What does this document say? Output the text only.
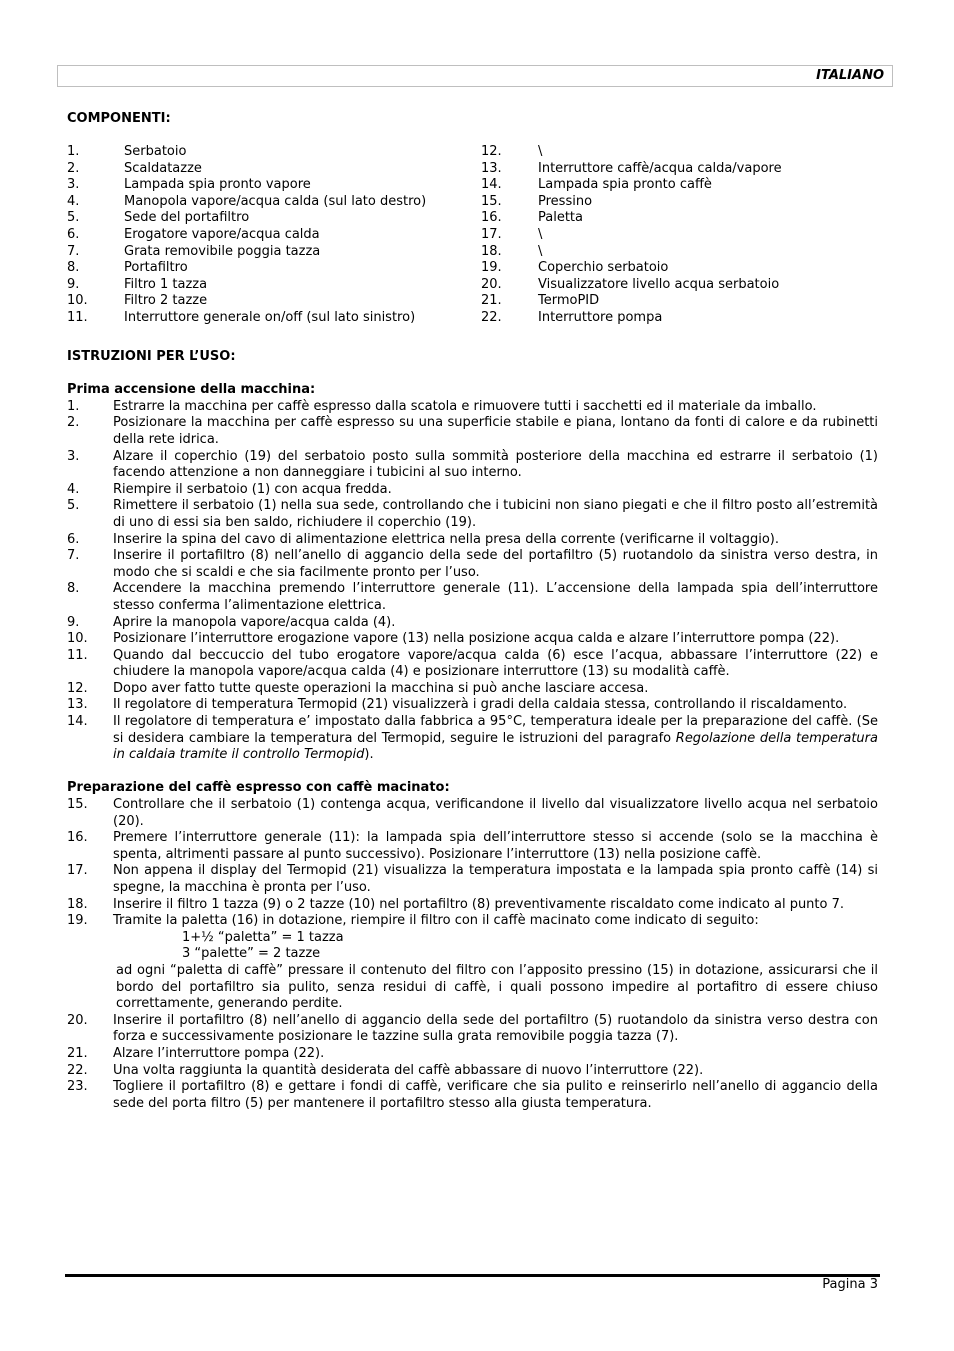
ITALIANO
COMPONENTI:
1.	Serbatoio
2.	Scaldatazze
3.	Lampada spia pronto vapore
4.	Manopola vapore/acqua calda (sul lato destro)
5.	Sede del portafiltro
6.	Erogatore vapore/acqua calda
7.	Grata removibile poggia tazza
8.	Portafiltro
9.	Filtro 1 tazza
10.	Filtro 2 tazze
11.	Interruttore generale on/off (sul lato sinistro)
12.	\
13.	Interruttore caffè/acqua calda/vapore
14.	Lampada spia pronto caffè
15.	Pressino
16.	Paletta
17.	\
18.	\
19.	Coperchio serbatoio
20.	Visualizzatore livello acqua serbatoio
21.	TermoPID
22.	Interruttore pompa
ISTRUZIONI PER L’USO:
Prima accensione della macchina:
1.	Estrarre la macchina per caffè espresso dalla scatola e rimuovere tutti i sacchetti ed il materiale da imballo.
2.	Posizionare la macchina per caffè espresso su una superficie stabile e piana, lontano da fonti di calore e da rubinetti della rete idrica.
3.	Alzare il coperchio (19) del serbatoio posto sulla sommità posteriore della macchina ed estrarre il serbatoio (1) facendo attenzione a non danneggiare i tubicini al suo interno.
4.	Riempire il serbatoio (1) con acqua fredda.
5.	Rimettere il serbatoio (1) nella sua sede, controllando che i tubicini non siano piegati e che il filtro posto all’estremità di uno di essi sia ben saldo, richiudere il coperchio (19).
6.	Inserire la spina del cavo di alimentazione elettrica nella presa della corrente (verificarne il voltaggio).
7.	Inserire il portafiltro (8) nell’anello di aggancio della sede del portafiltro (5) ruotandolo da sinistra verso destra, in modo che si scaldi e che sia facilmente pronto per l’uso.
8.	Accendere la macchina premendo l’interruttore generale (11). L’accensione della lampada spia dell’interruttore stesso conferma l’alimentazione elettrica.
9.	Aprire la manopola vapore/acqua calda (4).
10.	Posizionare l’interruttore erogazione vapore (13) nella posizione acqua calda e alzare l’interruttore pompa (22).
11.	Quando dal beccuccio del tubo erogatore vapore/acqua calda (6) esce l’acqua, abbassare l’interruttore (22) e chiudere la manopola vapore/acqua calda (4) e posizionare interruttore (13) su modalità caffè.
12.	Dopo aver fatto tutte queste operazioni la macchina si può anche lasciare accesa.
13.	Il regolatore di temperatura Termopid (21) visualizzerà i gradi della caldaia stessa, controllando il riscaldamento.
14.	Il regolatore di temperatura e’ impostato dalla fabbrica a 95°C, temperatura ideale per la preparazione del caffè. (Se si desidera cambiare la temperatura del Termopid, seguire le istruzioni del paragrafo Regolazione della temperatura in caldaia tramite il controllo Termopid).
Preparazione del caffè espresso con caffè macinato:
15.	Controllare che il serbatoio (1) contenga acqua, verificandone il livello dal visualizzatore livello acqua nel serbatoio (20).
16.	Premere l’interruttore generale (11): la lampada spia dell’interruttore stesso si accende (solo se la macchina è spenta, altrimenti passare al punto successivo). Posizionare l’interruttore (13) nella posizione caffè.
17.	Non appena il display del Termopid (21) visualizza la temperatura impostata e la lampada spia pronto caffè (14) si spegne, la macchina è pronta per l’uso.
18.	Inserire il filtro 1 tazza (9) o 2 tazze (10) nel portafiltro (8) preventivamente riscaldato come indicato al punto 7.
19.	Tramite la paletta (16) in dotazione, riempire il filtro con il caffè macinato come indicato di seguito:
1+½ “paletta” = 1 tazza
3 “palette” = 2 tazze
ad ogni “paletta di caffè” pressare il contenuto del filtro con l’apposito pressino (15) in dotazione, assicurarsi che il bordo del portafiltro sia pulito, senza residui di caffè, i quali possono impedire al portafitro di essere chiuso correttamente, generando perdite.
20.	Inserire il portafiltro (8) nell’anello di aggancio della sede del portafiltro (5) ruotandolo da sinistra verso destra con forza e successivamente posizionare le tazzine sulla grata removibile poggia tazza (7).
21.	Alzare l’interruttore pompa (22).
22.	Una volta raggiunta la quantità desiderata del caffè abbassare di nuovo l’interruttore (22).
23.	Togliere il portafiltro (8) e gettare i fondi di caffè, verificare che sia pulito e reinserirlo nell’anello di aggancio della sede del porta filtro (5) per mantenere il portafiltro stesso alla giusta temperatura.
Pagina 3
